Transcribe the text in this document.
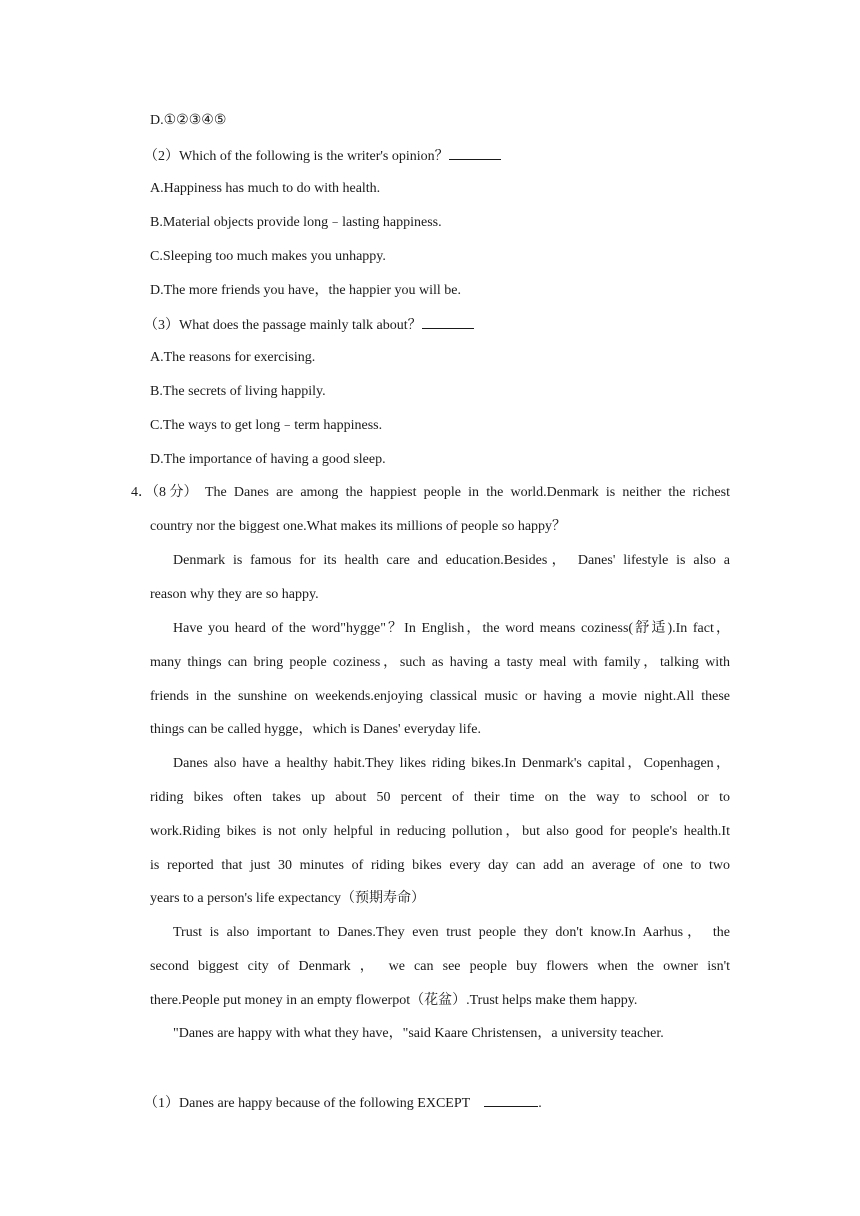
D.①②③④⑤
（2）Which of the following is the writer's opinion？
A.Happiness has much to do with health.
B.Material objects provide long﹣lasting happiness.
C.Sleeping too much makes you unhappy.
D.The more friends you have，the happier you will be.
（3）What does the passage mainly talk about？
A.The reasons for exercising.
B.The secrets of living happily.
C.The ways to get long﹣term happiness.
D.The importance of having a good sleep.
4．（8 分） The Danes are among the happiest people in the world.Denmark is neither the richest
country nor the biggest one.What makes its millions of people so happy？
Denmark is famous for its health care and education.Besides， Danes' lifestyle is also a
reason why they are so happy.
Have you heard of the word"hygge"？In English，the word means coziness(舒适).In fact，
many things can bring people coziness，such as having a tasty meal with family，talking with
friends in the sunshine on weekends.enjoying classical music or having a movie night.All these
things can be called hygge，which is Danes' everyday life.
Danes also have a healthy habit.They likes riding bikes.In Denmark's capital，Copenhagen，
riding bikes often takes up about 50 percent of their time on the way to school or to
work.Riding bikes is not only helpful in reducing pollution，but also good for people's health.It
is reported that just 30 minutes of riding bikes every day can add an average of one to two
years to a person's life expectancy（预期寿命）
Trust is also important to Danes.They even trust people they don't know.In Aarhus， the
second biggest city of Denmark ， we can see people buy flowers when the owner isn't
there.People put money in an empty flowerpot（花盆）.Trust helps make them happy.
"Danes are happy with what they have，"said Kaare Christensen，a university teacher.
（1）Danes are happy because of the following EXCEPT	.
